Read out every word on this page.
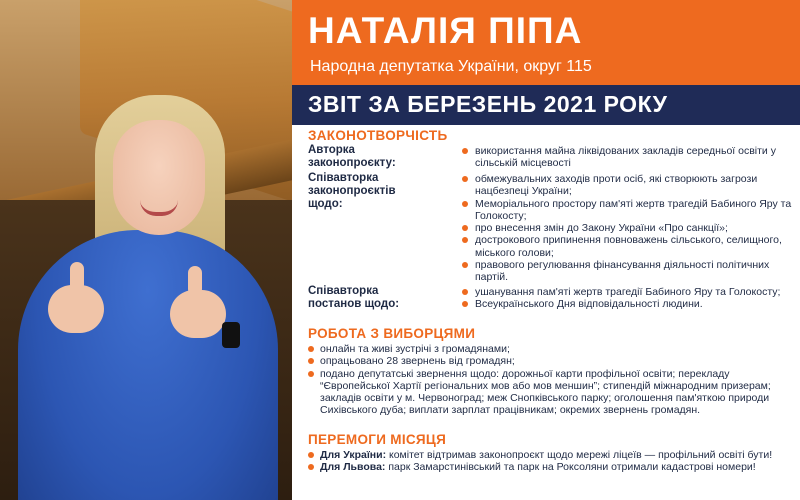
НАТАЛІЯ ПІПА
Народна депутатка України, округ 115
ЗВІТ ЗА БЕРЕЗЕНЬ 2021 РОКУ
ЗАКОНОТВОРЧІСТЬ
Авторка
законопроєкту:
використання майна ліквідованих закладів середньої освіти у сільській місцевості
Співавторка
законопроєктів
щодо:
обмежувальних заходів проти осіб, які створюють загрози нацбезпеці України;
Меморіального простору пам'яті жертв трагедій Бабиного Яру та Голокосту;
про внесення змін до Закону України «Про санкції»;
дострокового припинення повноважень сільського, селищного, міського голови;
правового регулювання фінансування діяльності політичних партій.
Співавторка
постанов щодо:
ушанування пам'яті жертв трагедії Бабиного Яру та Голокосту;
Всеукраїнського Дня відповідальності людини.
РОБОТА З ВИБОРЦЯМИ
онлайн та живі зустрічі з громадянами;
опрацьовано 28 звернень від громадян;
подано депутатські звернення щодо: дорожньої карти профільної освіти; перекладу “Європейської Хартії регіональних мов або мов меншин”; стипендій міжнародним призерам; закладів освіти у м. Червоноград; меж Снопківського парку; оголошення пам'яткою природи Сихівського дуба; виплати зарплат працівникам; окремих звернень громадян.
ПЕРЕМОГИ МІСЯЦЯ
Для України: комітет відтримав законопроєкт щодо мережі ліцеїв — профільний освіті бути!
Для Львова: парк Замарстинівський та парк на Роксоляни отримали кадастрові номери!
